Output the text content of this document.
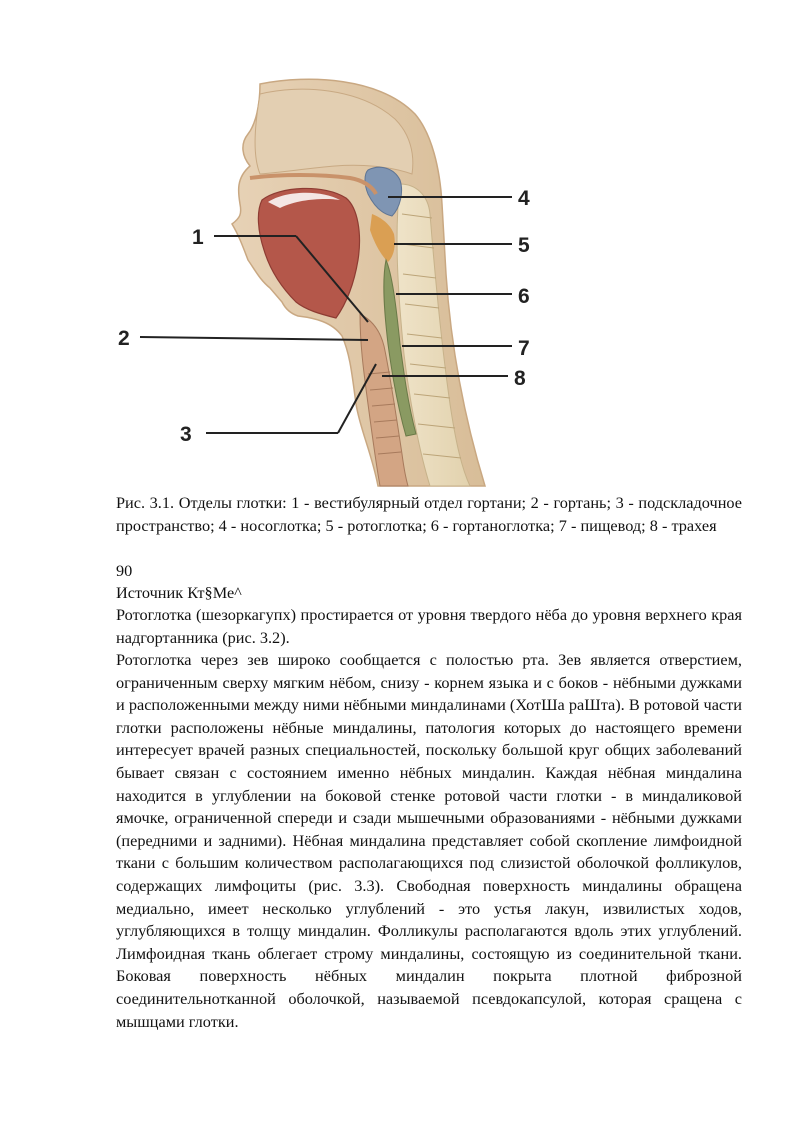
1
2
3
4
5
6
7
8

Рис. 3.1. Отделы глотки: 1 - вестибулярный отдел гортани; 2 - гортань; 3 - подскладочное пространство; 4 - носоглотка; 5 - ротоглотка; 6 - гортаноглотка; 7 - пищевод; 8 - трахея

90

Источник Кт§Ме^

Ротоглотка (шезоркагупх) простирается от уровня твердого нёба до уровня верхнего края надгортанника (рис. 3.2).

Ротоглотка через зев широко сообщается с полостью рта. Зев является отверстием, ограниченным сверху мягким нёбом, снизу - корнем языка и с боков - нёбными дужками и расположенными между ними нёбными миндалинами (ХотШа раШта). В ротовой части глотки расположены нёбные миндалины, патология которых до настоящего времени интересует врачей разных специальностей, поскольку большой круг общих заболеваний бывает связан с состоянием именно нёбных миндалин. Каждая нёбная миндалина находится в углублении на боковой стенке ротовой части глотки - в миндаликовой ямочке, ограниченной спереди и сзади мышечными образованиями - нёбными дужками (передними и задними). Нёбная миндалина представляет собой скопление лимфоидной ткани с большим количеством располагающихся под слизистой оболочкой фолликулов, содержащих лимфоциты (рис. 3.3). Свободная поверхность миндалины обращена медиально, имеет несколько углублений - это устья лакун, извилистых ходов, углубляющихся в толщу миндалин. Фолликулы располагаются вдоль этих углублений. Лимфоидная ткань облегает строму миндалины, состоящую из соединительной ткани. Боковая поверхность нёбных миндалин покрыта плотной фиброзной соединительнотканной оболочкой, называемой псевдокапсулой, которая сращена с мышцами глотки.
